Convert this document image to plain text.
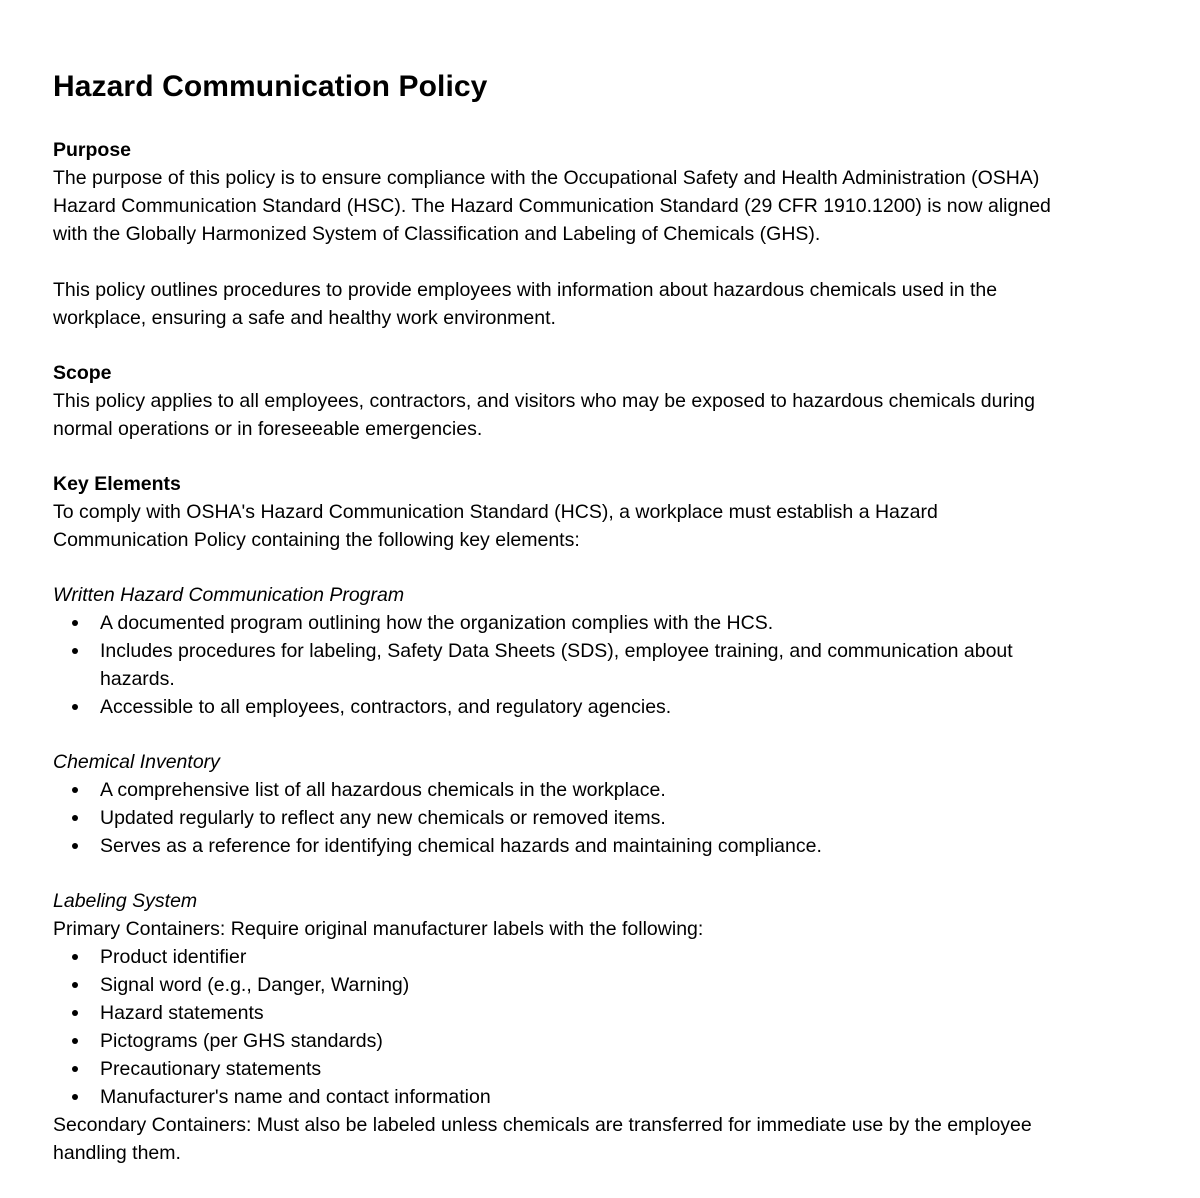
Hazard Communication Policy
Purpose

The purpose of this policy is to ensure compliance with the Occupational Safety and Health Administration (OSHA) Hazard Communication Standard (HSC). The Hazard Communication Standard (29 CFR 1910.1200) is now aligned with the Globally Harmonized System of Classification and Labeling of Chemicals (GHS).

This policy outlines procedures to provide employees with information about hazardous chemicals used in the workplace, ensuring a safe and healthy work environment.

Scope

This policy applies to all employees, contractors, and visitors who may be exposed to hazardous chemicals during normal operations or in foreseeable emergencies.

Key Elements

To comply with OSHA's Hazard Communication Standard (HCS), a workplace must establish a Hazard Communication Policy containing the following key elements:

Written Hazard Communication Program
A documented program outlining how the organization complies with the HCS.
Includes procedures for labeling, Safety Data Sheets (SDS), employee training, and communication about hazards.
Accessible to all employees, contractors, and regulatory agencies.
Chemical Inventory
A comprehensive list of all hazardous chemicals in the workplace.
Updated regularly to reflect any new chemicals or removed items.
Serves as a reference for identifying chemical hazards and maintaining compliance.
Labeling System

Primary Containers: Require original manufacturer labels with the following:

Product identifier
Signal word (e.g., Danger, Warning)
Hazard statements
Pictograms (per GHS standards)
Precautionary statements
Manufacturer's name and contact information

Secondary Containers: Must also be labeled unless chemicals are transferred for immediate use by the employee handling them.
